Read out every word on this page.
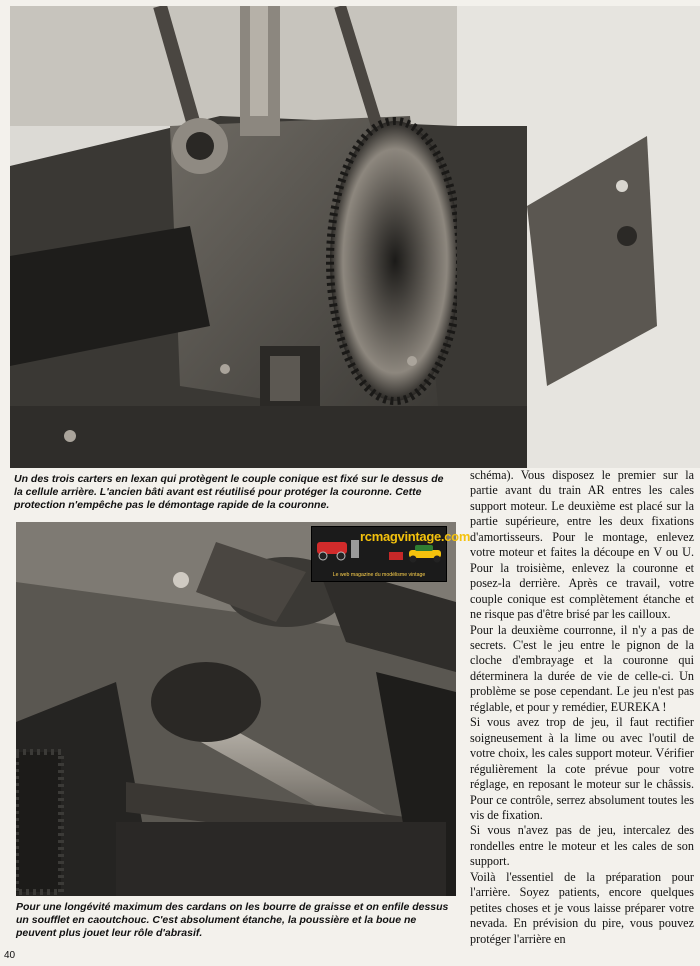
Un des trois carters en lexan qui protègent le couple conique est fixé sur le dessus de la cellule arrière. L'ancien bâti avant est réutilisé pour protéger la couronne. Cette protection n'empêche pas le démontage rapide de la couronne.

rcmagvintage.com
Le web magazine du modélisme vintage

schéma). Vous disposez le premier sur la partie avant du train AR entres les cales support moteur. Le deuxième est placé sur la partie supérieure, entre les deux fixations d'amortisseurs. Pour le montage, enlevez votre moteur et faites la découpe en V ou U. Pour la troisième, enlevez la couronne et posez-la derrière. Après ce travail, votre couple conique est complètement étanche et ne risque pas d'être brisé par les cailloux.

Pour la deuxième courronne, il n'y a pas de secrets. C'est le jeu entre le pignon de la cloche d'embrayage et la couronne qui déterminera la durée de vie de celle-ci. Un problème se pose cependant. Le jeu n'est pas réglable, et pour y remédier, EUREKA !

Si vous avez trop de jeu, il faut rectifier soigneusement à la lime ou avec l'outil de votre choix, les cales support moteur. Vérifier régulièrement la cote prévue pour votre réglage, en reposant le moteur sur le châssis. Pour ce contrôle, serrez absolument toutes les vis de fixation.

Si vous n'avez pas de jeu, intercalez des rondelles entre le moteur et les cales de son support.

Voilà l'essentiel de la préparation pour l'arrière. Soyez patients, encore quelques petites choses et je vous laisse préparer votre nevada. En prévision du pire, vous pouvez protéger l'arrière en

Pour une longévité maximum des cardans on les bourre de graisse et on enfile dessus un soufflet en caoutchouc. C'est absolument étanche, la poussière et la boue ne peuvent plus jouet leur rôle d'abrasif.

40
